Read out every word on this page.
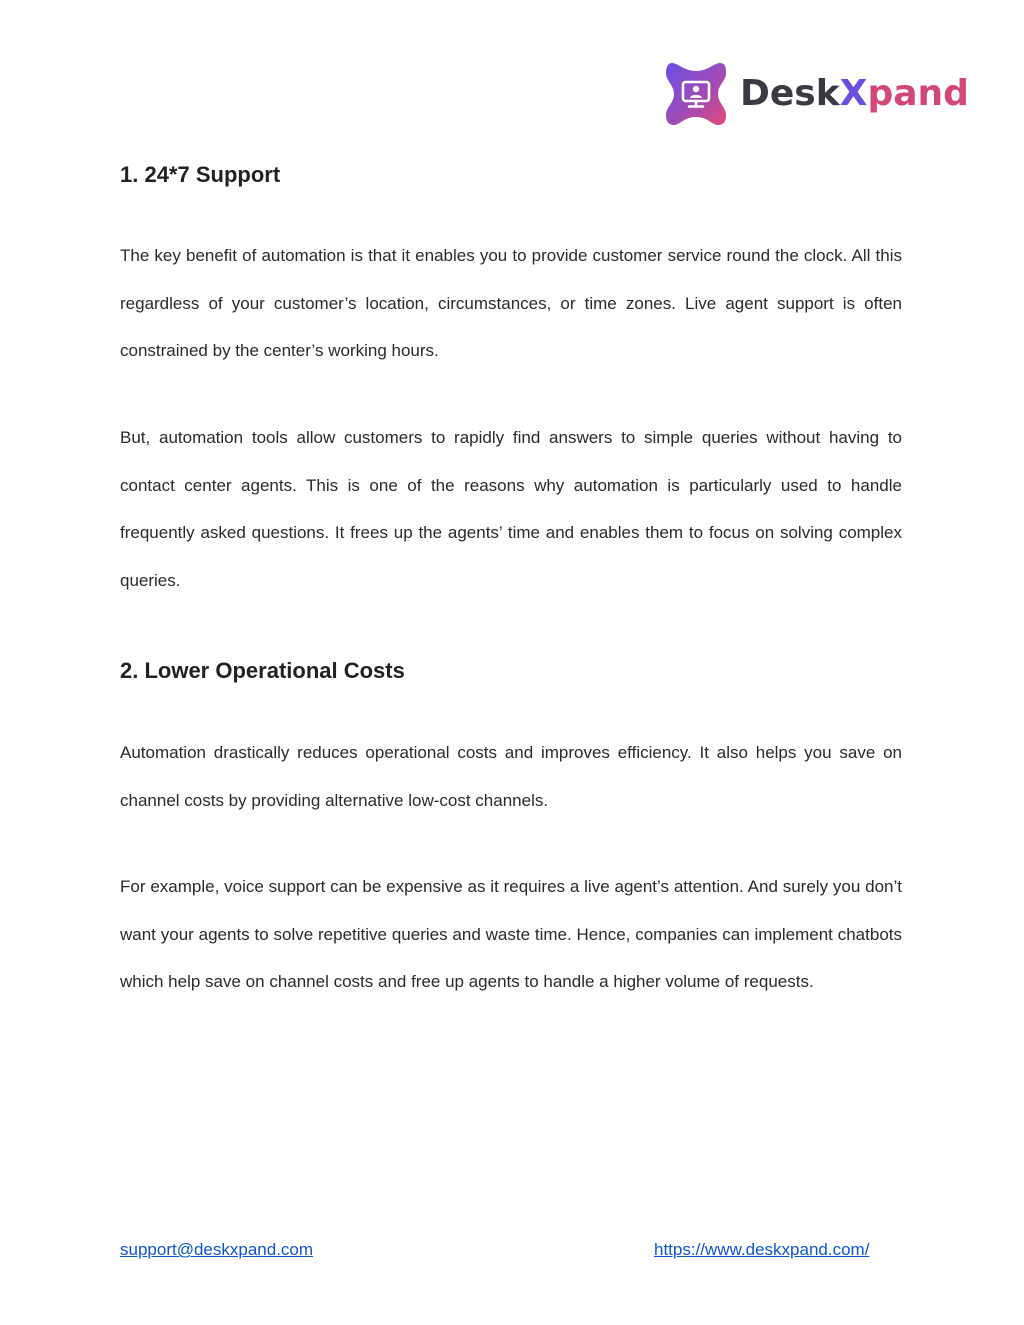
DeskXpand
1. 24*7 Support

The key benefit of automation is that it enables you to provide customer service round the clock. All this regardless of your customer’s location, circumstances, or time zones. Live agent support is often constrained by the center’s working hours.

But, automation tools allow customers to rapidly find answers to simple queries without having to contact center agents. This is one of the reasons why automation is particularly used to handle frequently asked questions. It frees up the agents’ time and enables them to focus on solving complex queries.

2. Lower Operational Costs

Automation drastically reduces operational costs and improves efficiency. It also helps you save on channel costs by providing alternative low-cost channels.

For example, voice support can be expensive as it requires a live agent’s attention. And surely you don’t want your agents to solve repetitive queries and waste time. Hence, companies can implement chatbots which help save on channel costs and free up agents to handle a higher volume of requests.

support@deskxpand.com	https://www.deskxpand.com/
